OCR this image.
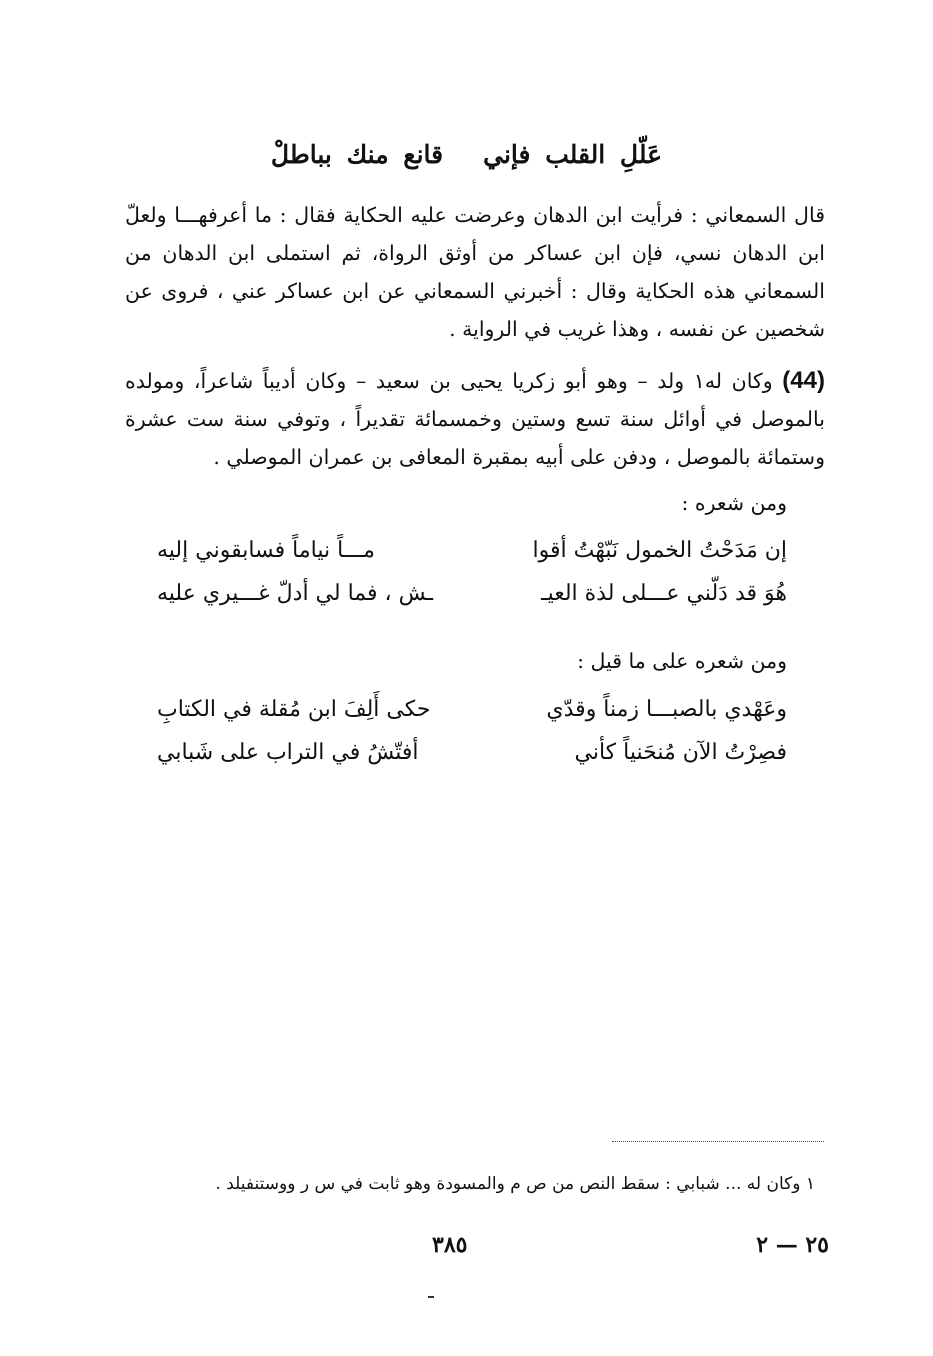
عَلّلِ القلب فإنيقانع منك بباطلْ
قال السمعاني : فرأيت ابن الدهان وعرضت عليه الحكاية فقال : ما أعرفهـــا ولعلّ ابن الدهان نسي، فإن ابن عساكر من أوثق الرواة، ثم استملى ابن الدهان من السمعاني هذه الحكاية وقال : أخبرني السمعاني عن ابن عساكر عني ، فروى عن شخصين عن نفسه ، وهذا غريب في الرواية .
(44) وكان له١ ولد – وهو أبو زكريا يحيى بن سعيد – وكان أديباً شاعراً، ومولده بالموصل في أوائل سنة تسع وستين وخمسمائة تقديراً ، وتوفي سنة ست عشرة وستمائة بالموصل ، ودفن على أبيه بمقبرة المعافى بن عمران الموصلي .
ومن شعره :
إن مَدَحْتُ الخمول نَبّهْتُ أقوا
مـــاً نياماً فسابقوني إليه
هُوَ قد دَلّني عـــلى لذة العيـ
ـش ، فما لي أدلّ غـــيري عليه
ومن شعره على ما قيل :
وعَهْدي بالصبـــا زمناً وقدّي
حكى أَلِفَ ابن مُقلة في الكتابِ
فصِرْتُ الآن مُنحَنياً كأني
أفتّشُ في التراب على شَبابي
١ وكان له ... شبابي : سقط النص من ص م والمسودة وهو ثابت في س ر ووستنفيلد .
٣٨٥	٢٥ — ٢
